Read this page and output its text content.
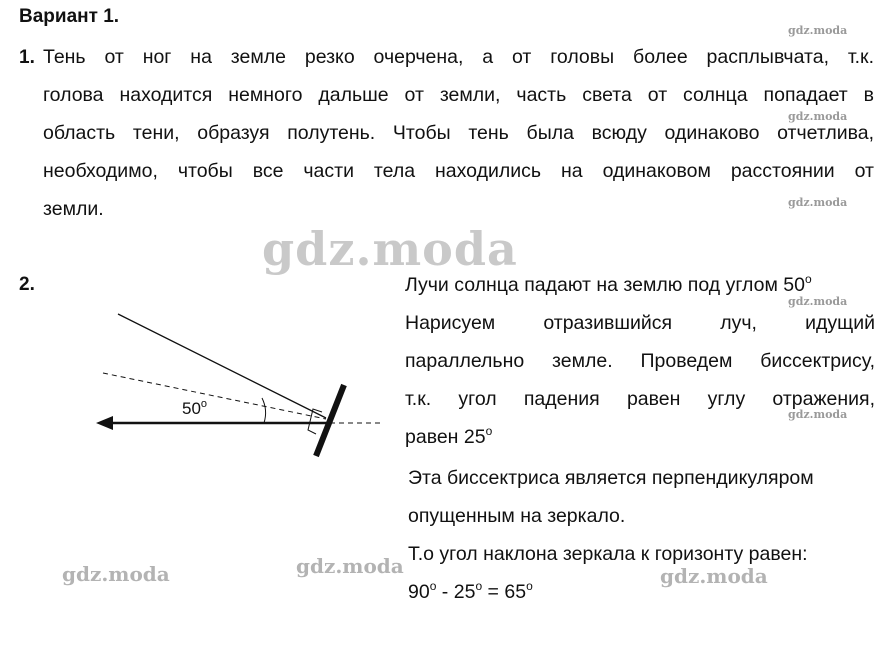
Вариант 1.
1. Тень от ног на земле резко очерчена, а от головы более расплывчата, т.к.
голова находится немного дальше от земли, часть света от солнца попадает в
область тени, образуя полутень. Чтобы тень была всюду одинаково отчетлива,
необходимо, чтобы все части тела находились на одинаковом расстоянии от
земли.
2.
50$^o$
Лучи солнца падают на землю под углом 50$^o$
Нарисуем отразившийся луч, идущий
параллельно земле. Проведем биссектрису,
т.к. угол падения равен углу отражения,
равен 25$^o$
Эта биссектриса является перпендикуляром
опущенным на зеркало.
Т.о угол наклона зеркала к горизонту равен:
$90^o - 25^o = 65^o$
gdz.moda
gdz.moda
gdz.moda
gdz.moda
gdz.moda
gdz.moda
gdz.moda	gdz.moda	gdz.moda
